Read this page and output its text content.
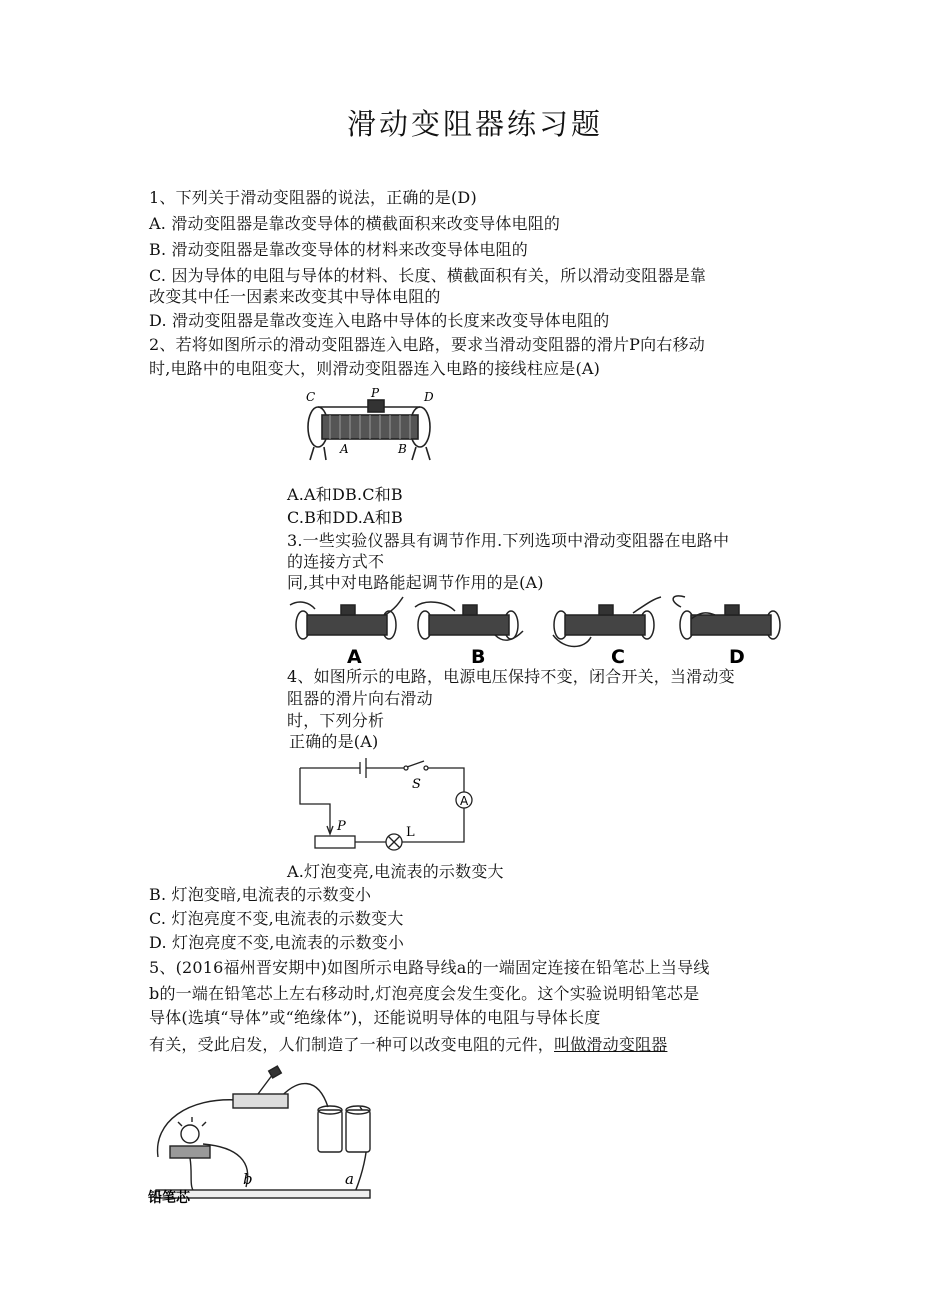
滑动变阻器练习题
1、下列关于滑动变阻器的说法，正确的是(D)
A. 滑动变阻器是靠改变导体的横截面积来改变导体电阻的
B. 滑动变阻器是靠改变导体的材料来改变导体电阻的
C. 因为导体的电阻与导体的材料、长度、横截面积有关，所以滑动变阻器是靠
改变其中任一因素来改变其中导体电阻的
D. 滑动变阻器是靠改变连入电路中导体的长度来改变导体电阻的
2、若将如图所示的滑动变阻器连入电路，要求当滑动变阻器的滑片P向右移动
时,电路中的电阻变大，则滑动变阻器连入电路的接线柱应是(A)
C	P	D
A	B
A.A和DB.C和B
C.B和DD.A和B
3.一些实验仪器具有调节作用.下列选项中滑动变阻器在电路中
的连接方式不
同,其中对电路能起调节作用的是(A)
A	B	C	D
4、如图所示的电路，电源电压保持不变，闭合开关，当滑动变
阻器的滑片向右滑动
时，下列分析
正确的是(A)
S
A
P	L
A.灯泡变亮,电流表的示数变大
B. 灯泡变暗,电流表的示数变小
C. 灯泡亮度不变,电流表的示数变大
D. 灯泡亮度不变,电流表的示数变小
5、(2016福州晋安期中)如图所示电路导线a的一端固定连接在铅笔芯上当导线
b的一端在铅笔芯上左右移动时,灯泡亮度会发生变化。这个实验说明铅笔芯是
导体(选填“导体”或“绝缘体”)，还能说明导体的电阻与导体长度
有关，受此启发，人们制造了一种可以改变电阻的元件，叫做滑动变阻器
b	a
铅笔芯
